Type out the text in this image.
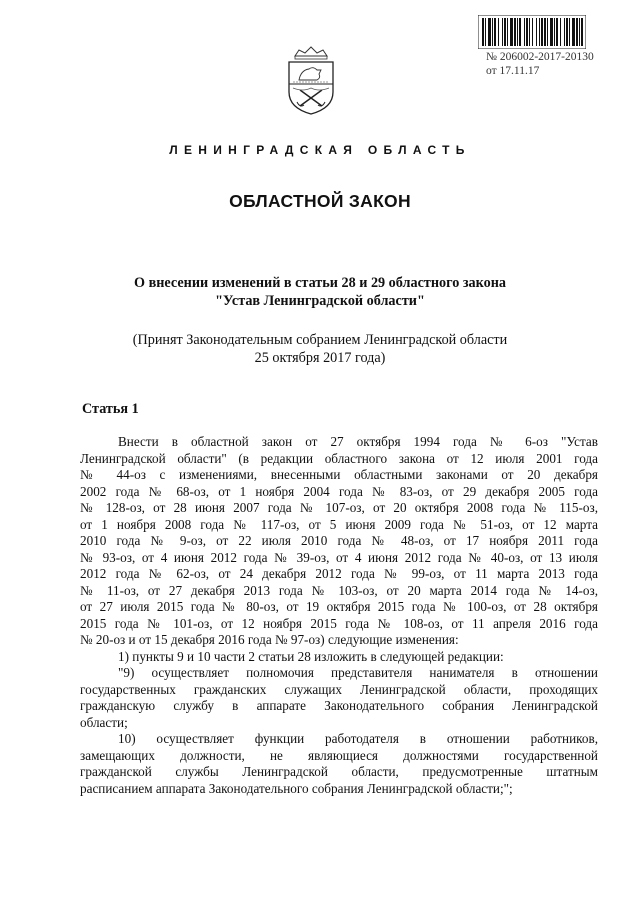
№ 206002-2017-20130
от 17.11.17
ЛЕНИНГРАДСКАЯ ОБЛАСТЬ
ОБЛАСТНОЙ ЗАКОН
О внесении изменений в статьи 28 и 29 областного закона
"Устав Ленинградской области"
(Принят Законодательным собранием Ленинградской области
25 октября 2017 года)
Статья 1
Внести в областной закон от 27 октября 1994 года № 6-оз "Устав
Ленинградской области" (в редакции областного закона от 12 июля 2001 года
№ 44-оз с изменениями, внесенными областными законами от 20 декабря
2002 года № 68-оз, от 1 ноября 2004 года № 83-оз, от 29 декабря 2005 года
№ 128-оз, от 28 июня 2007 года № 107-оз, от 20 октября 2008 года № 115-оз,
от 1 ноября 2008 года № 117-оз, от 5 июня 2009 года № 51-оз, от 12 марта
2010 года № 9-оз, от 22 июля 2010 года № 48-оз, от 17 ноября 2011 года
№ 93-оз, от 4 июня 2012 года № 39-оз, от 4 июня 2012 года № 40-оз, от 13 июля
2012 года № 62-оз, от 24 декабря 2012 года № 99-оз, от 11 марта 2013 года
№ 11-оз, от 27 декабря 2013 года № 103-оз, от 20 марта 2014 года № 14-оз,
от 27 июля 2015 года № 80-оз, от 19 октября 2015 года № 100-оз, от 28 октября
2015 года № 101-оз, от 12 ноября 2015 года № 108-оз, от 11 апреля 2016 года
№ 20-оз и от 15 декабря 2016 года № 97-оз) следующие изменения:
1) пункты 9 и 10 части 2 статьи 28 изложить в следующей редакции:
"9) осуществляет полномочия представителя нанимателя в отношении
государственных гражданских служащих Ленинградской области, проходящих
гражданскую службу в аппарате Законодательного собрания Ленинградской
области;
10) осуществляет функции работодателя в отношении работников,
замещающих должности, не являющиеся должностями государственной
гражданской службы Ленинградской области, предусмотренные штатным
расписанием аппарата Законодательного собрания Ленинградской области;";
